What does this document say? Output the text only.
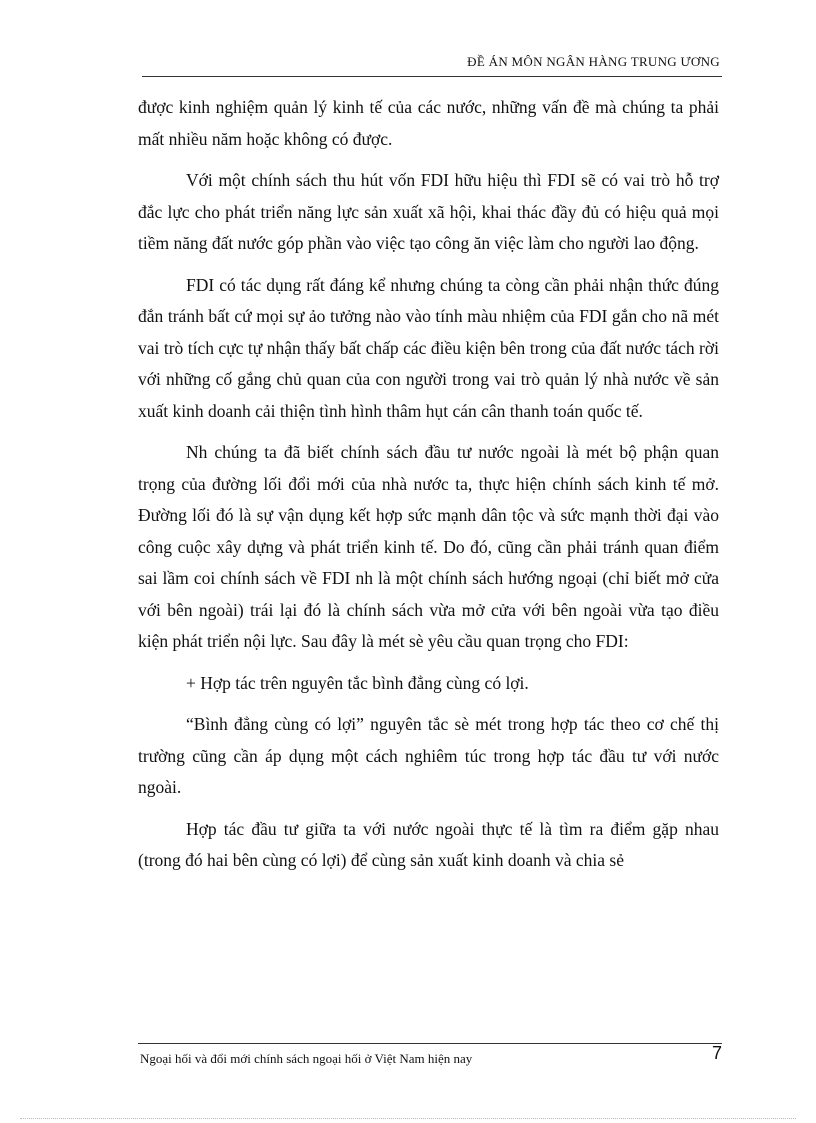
ĐỀ ÁN MÔN NGÂN HÀNG TRUNG ƯƠNG

được kinh nghiệm quản lý kinh tế của các nước, những vấn đề mà chúng ta phải mất nhiều năm hoặc không có được.

Với một chính sách thu hút vốn FDI hữu hiệu thì FDI sẽ có vai trò hỗ trợ đắc lực cho phát triển năng lực sản xuất xã hội, khai thác đầy đủ có hiệu quả mọi tiềm năng đất nước góp phần vào việc tạo công ăn việc làm cho người lao động.

FDI có tác dụng rất đáng kể nhưng chúng ta còng cần phải nhận thức đúng đắn tránh bất cứ mọi sự ảo tưởng nào vào tính màu nhiệm của FDI gắn cho nã mét vai trò tích cực tự nhận thấy bất chấp các điều kiện bên trong của đất nước tách rời với những cố gắng chủ quan của con người trong vai trò quản lý nhà nước về sản xuất kinh doanh cải thiện tình hình thâm hụt cán cân thanh toán quốc tế.

Nh chúng ta đã biết chính sách đầu tư nước ngoài là mét bộ phận quan trọng của đường lối đổi mới của nhà nước ta, thực hiện chính sách kinh tế mở. Đường lối đó là sự vận dụng kết hợp sức mạnh dân tộc và sức mạnh thời đại vào công cuộc xây dựng và phát triển kinh tế. Do đó, cũng cần phải tránh quan điểm sai lầm coi chính sách về FDI nh là một chính sách hướng ngoại (chỉ biết mở cửa với bên ngoài) trái lại đó là chính sách vừa mở cửa với bên ngoài vừa tạo điều kiện phát triển nội lực. Sau đây là mét sè yêu cầu quan trọng cho FDI:

+ Hợp tác trên nguyên tắc bình đẳng cùng có lợi.

“Bình đẳng cùng có lợi” nguyên tắc sè mét trong hợp tác theo cơ chế thị trường cũng cần áp dụng một cách nghiêm túc trong hợp tác đầu tư với nước ngoài.

Hợp tác đầu tư giữa ta với nước ngoài thực tế là tìm ra điểm gặp nhau (trong đó hai bên cùng có lợi) để cùng sản xuất kinh doanh và chia sẻ

Ngoại hối và đổi mới chính sách ngoại hối ở Việt Nam hiện nay	7
